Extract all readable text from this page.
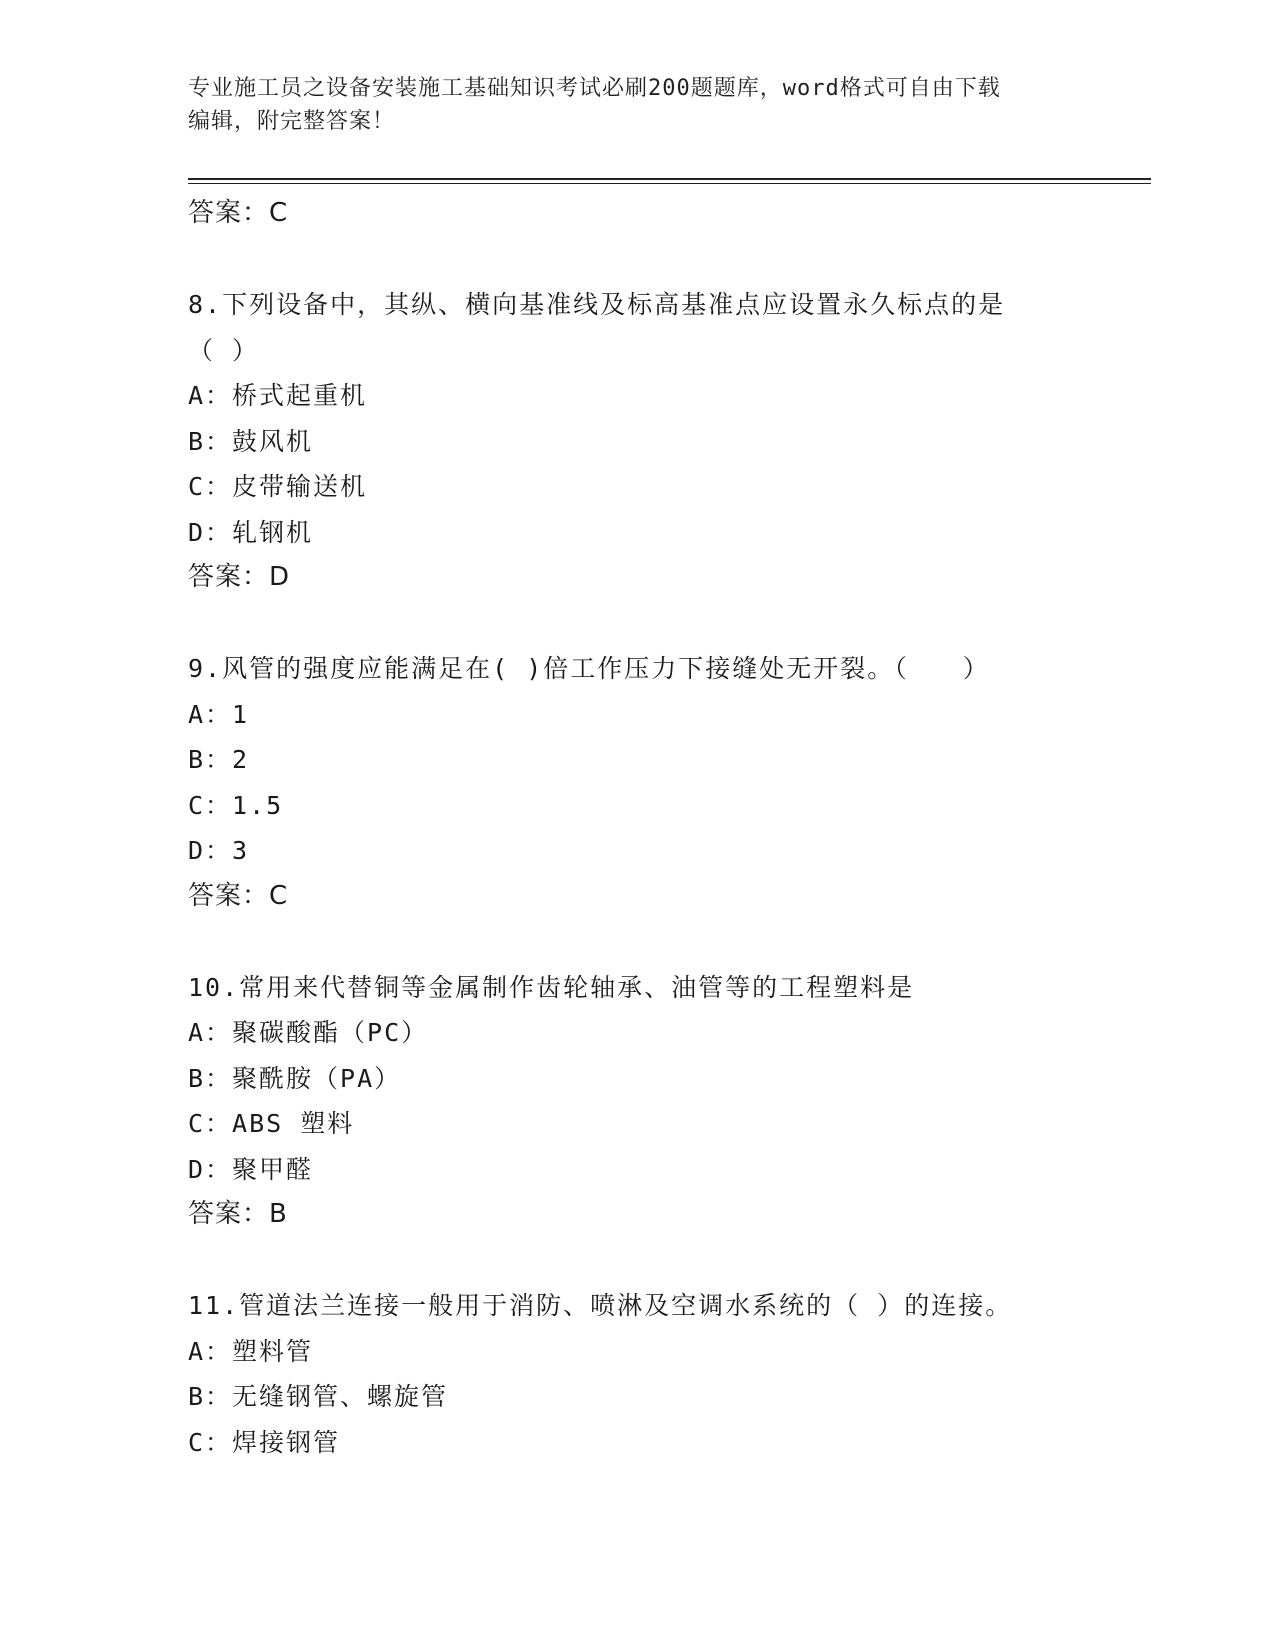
专业施工员之设备安装施工基础知识考试必刷200题题库，word格式可自由下载
编辑，附完整答案！
答案：C
8.下列设备中，其纵、横向基准线及标高基准点应设置永久标点的是
（ ）
A：桥式起重机
B：鼓风机
C：皮带输送机
D：轧钢机
答案：D
9.风管的强度应能满足在( )倍工作压力下接缝处无开裂。（　　）
A：1
B：2
C：1.5
D：3
答案：C
10.常用来代替铜等金属制作齿轮轴承、油管等的工程塑料是
A：聚碳酸酯（PC）
B：聚酰胺（PA）
C：ABS 塑料
D：聚甲醛
答案：B
11.管道法兰连接一般用于消防、喷淋及空调水系统的（ ）的连接。
A：塑料管
B：无缝钢管、螺旋管
C：焊接钢管
